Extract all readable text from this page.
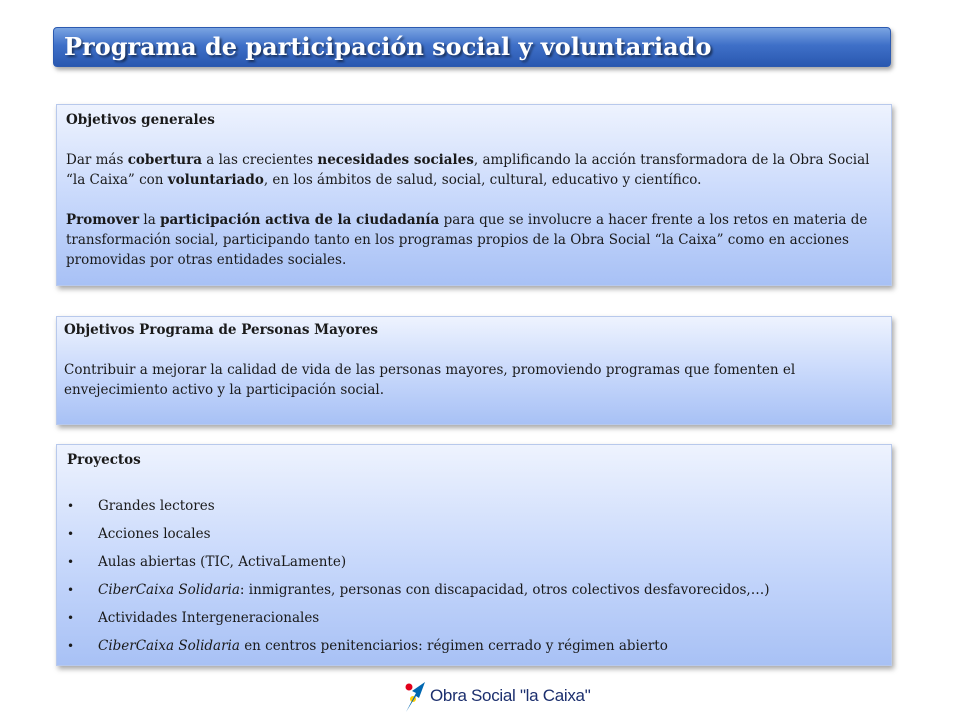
Programa de participación social y voluntariado
Objetivos generales

Dar más cobertura a las crecientes necesidades sociales, amplificando la acción transformadora de la Obra Social “la Caixa” con voluntariado, en los ámbitos de salud, social, cultural, educativo y científico.

Promover la participación activa de la ciudadanía para que se involucre a hacer frente a los retos en materia de transformación social, participando tanto en los programas propios de la Obra Social “la Caixa” como en acciones promovidas por otras entidades sociales.

Objetivos Programa de Personas Mayores

Contribuir a mejorar la calidad de vida de las personas mayores, promoviendo programas que fomenten el envejecimiento activo y la participación social.

Proyectos
• Grandes lectores
• Acciones locales
• Aulas abiertas (TIC, ActivaLamente)
• CiberCaixa Solidaria: inmigrantes, personas con discapacidad, otros colectivos desfavorecidos,…)
• Actividades Intergeneracionales
• CiberCaixa Solidaria en centros penitenciarios: régimen cerrado y régimen abierto
Obra Social "la Caixa"
